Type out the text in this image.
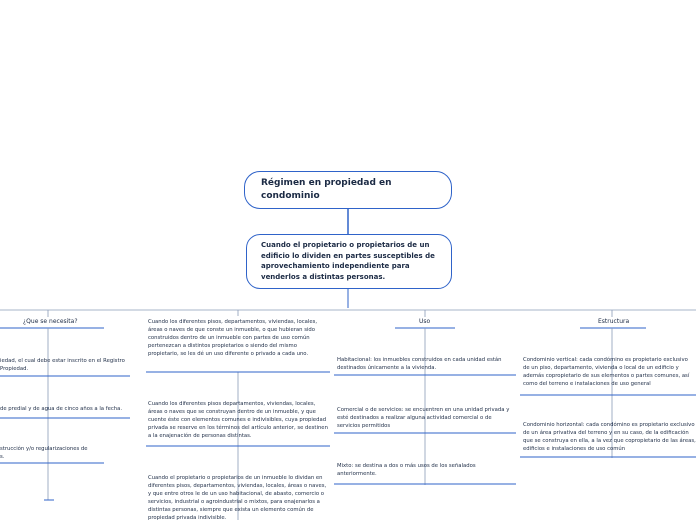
Régimen en propiedad en condominio
Cuando el propietario o propietarios de un edificio lo dividen en partes susceptibles de aprovechamiento independiente para venderlos a distintas personas.
¿Que se necesita?	Uso	Estructura
iedad, el cual debe estar inscrito en el Registro
Propiedad.
de predial y de agua de cinco años a la fecha.
strucción y/o regularizaciones de
s.
Cuando los diferentes pisos, departamentos, viviendas, locales, áreas o naves de que conste un inmueble, o que hubieran sido construidos dentro de un inmueble con partes de uso común pertenezcan a distintos propietarios o siendo del mismo propietario, se les dé un uso diferente o privado a cada uno.
Cuando los diferentes pisos departamentos, viviendas, locales, áreas o naves que se construyan dentro de un inmueble, y que cuente éste con elementos comunes e indivisibles, cuya propiedad privada se reserve en los términos del artículo anterior, se destinen a la enajenación de personas distintas.
Cuando el propietario o propietarios de un inmueble lo dividan en diferentes pisos, departamentos, viviendas, locales, áreas o naves, y que entre otros le de un uso habitacional, de abasto, comercio o servicios, industrial o agroindustrial o mixtos, para enajenarlos a distintas personas, siempre que exista un elemento común de propiedad privada indivisible.
Habitacional: los inmuebles construidos en cada unidad están destinados únicamente a la vivienda.
Comercial o de servicios: se encuentren en una unidad privada y esté destinados a realizar alguna actividad comercial o de servicios permitidos
Mixto: se destina a dos o más usos de los señalados anteriormente.
Condominio vertical: cada condómino es propietario exclusivo de un piso, departamento, vivienda o local de un edificio y además copropietario de sus elementos o partes comunes, así como del terreno e instalaciones de uso general
Condominio horizontal: cada condómino es propietario exclusivo de un área privativa del terreno y en su caso, de la edificación que se construya en ella, a la vez que copropietario de las áreas, edificios e instalaciones de uso común
